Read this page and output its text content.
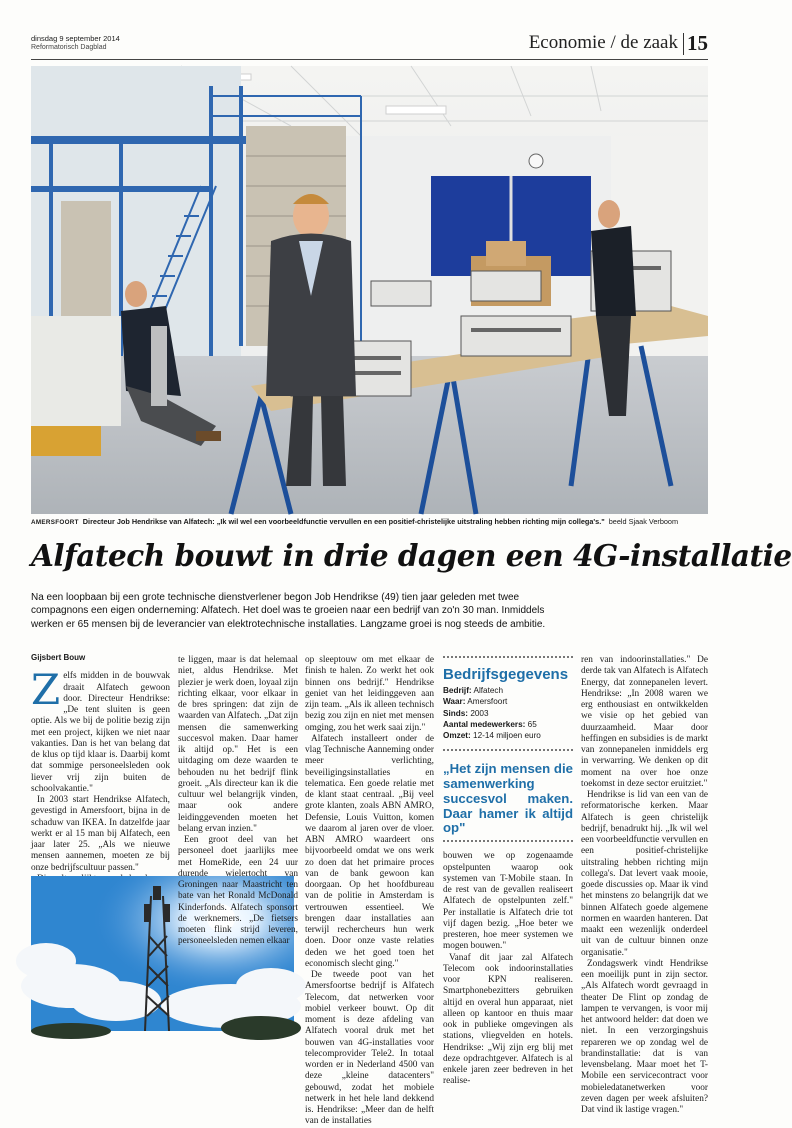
dinsdag 9 september 2014
Reformatorisch Dagblad	Economie / de zaak 15
AMERSFOORT Directeur Job Hendrikse van Alfatech: „Ik wil wel een voorbeeldfunctie vervullen en een positief-christelijke uitstraling hebben richting mijn collega's." beeld Sjaak Verboom
Alfatech bouwt in drie dagen een 4G-installatie

Na een loopbaan bij een grote technische dienstverlener begon Job Hendrikse (49) tien jaar geleden met twee compagnons een eigen onderneming: Alfatech. Het doel was te groeien naar een bedrijf van zo'n 30 man. Inmiddels werken er 65 mensen bij de leverancier van elektrotechnische installaties. Langzame groei is nog steeds de ambitie.

Gijsbert Bouw
Z elfs midden in de bouwvak draait Alfatech gewoon door. Directeur Hendrikse: „De tent sluiten is geen optie. Als we bij de politie bezig zijn met een project, kijken we niet naar vakanties. Dan is het van belang dat de klus op tijd klaar is. Daarbij komt dat sommige personeelsleden ook liever vrij zijn buiten de schoolvakantie."

In 2003 start Hendrikse Alfatech, gevestigd in Amersfoort, bijna in de schaduw van IKEA. In datzelfde jaar werkt er al 15 man bij Alfatech, een jaar later 25. „Als we nieuwe mensen aannemen, moeten ze bij onze bedrijfscultuur passen."

te liggen, maar is dat helemaal niet, aldus Hendrikse. Met plezier je werk doen, loyaal zijn richting elkaar, voor elkaar in de bres springen: dat zijn de waarden van Alfatech. „Dat zijn mensen die samenwerking succesvol maken. Daar hamer ik altijd op." Het is een uitdaging om deze waarden te behouden nu het bedrijf flink groeit. „Als directeur kan ik die cultuur wel belangrijk vinden, maar ook andere leidinggevenden moeten het belang ervan inzien."

Een groot deel van het personeel doet jaarlijks mee met HomeRide, een 24 uur durende wielertocht van Groningen naar Maastricht ten bate van het Ronald McDonald Kinderfonds. Alfatech sponsort de werknemers. „De fietsers moeten flink strijd leveren, personeelsleden nemen elkaar

op sleeptouw om met elkaar de finish te halen. Zo werkt het ook binnen ons bedrijf." Hendrikse geniet van het leidinggeven aan zijn team. „Als ik alleen technisch bezig zou zijn en niet met mensen omging, zou het werk saai zijn."

Alfatech installeert onder de vlag Technische Aanneming onder meer verlichting, beveiligingsinstallaties en telematica. Een goede relatie met de klant staat centraal. „Bij veel grote klanten, zoals ABN AMRO, Defensie, Louis Vuitton, komen we daarom al jaren over de vloer. ABN AMRO waardeert ons bijvoorbeeld omdat we ons werk zo doen dat het primaire proces van de bank gewoon kan doorgaan. Op het hoofdbureau van de politie in Amsterdam is vertrouwen essentieel. We brengen daar installaties aan terwijl rechercheurs hun werk doen. Door onze vaste relaties deden we het goed toen het economisch slecht ging."

De tweede poot van het Amersfoortse bedrijf is Alfatech Telecom, dat netwerken voor mobiel verkeer bouwt. Op dit moment is deze afdeling van Alfatech vooral druk met het bouwen van 4G-installaties voor telecomprovider Tele2. In totaal worden er in Nederland 4500 van deze „kleine datacenters" gebouwd, zodat het mobiele netwerk in het hele land dekkend is. Hendrikse: „Meer dan de helft van de installaties

Bedrijfsgegevens
Bedrijf: Alfatech
Waar: Amersfoort
Sinds: 2003
Aantal medewerkers: 65
Omzet: 12-14 miljoen euro
„Het zijn mensen die samenwerking succesvol maken. Daar hamer ik altijd op"

bouwen we op zogenaamde opstelpunten waarop ook systemen van T-Mobile staan. In de rest van de gevallen realiseert Alfatech de opstelpunten zelf." Per installatie is Alfatech drie tot vijf dagen bezig. „Hoe beter we presteren, hoe meer systemen we mogen bouwen."

Vanaf dit jaar zal Alfatech Telecom ook indoorinstallaties voor KPN realiseren. Smartphonebezitters gebruiken altijd en overal hun apparaat, niet alleen op kantoor en thuis maar ook in publieke omgevingen als stations, vliegvelden en hotels. Hendrikse: „Wij zijn erg blij met deze opdrachtgever. Alfatech is al enkele jaren zeer bedreven in het realise-

ren van indoorinstallaties." De derde tak van Alfatech is Alfatech Energy, dat zonnepanelen levert. Hendrikse: „In 2008 waren we erg enthousiast en ontwikkelden we visie op het gebied van duurzaamheid. Maar door heffingen en subsidies is de markt van zonnepanelen inmiddels erg in verwarring. We denken op dit moment na over hoe onze toekomst in deze sector eruitziet."

Hendrikse is lid van een van de reformatorische kerken. Maar Alfatech is geen christelijk bedrijf, benadrukt hij. „Ik wil wel een voorbeeldfunctie vervullen en een positief-christelijke uitstraling hebben richting mijn collega's. Dat levert vaak mooie, goede discussies op. Maar ik vind het minstens zo belangrijk dat we binnen Alfatech goede algemene normen en waarden hanteren. Dat maakt een wezenlijk onderdeel uit van de cultuur binnen onze organisatie."

Zondagswerk vindt Hendrikse een moeilijk punt in zijn sector. „Als Alfatech wordt gevraagd in theater De Flint op zondag de lampen te vervangen, is voor mij het antwoord helder: dat doen we niet. In een verzorgingshuis repareren we op zondag wel de brandinstallatie: dat is van levensbelang. Maar moet het T-Mobile een servicecontract voor mobieledatanetwerken voor zeven dagen per week afsluiten? Dat vind ik lastige vragen."
